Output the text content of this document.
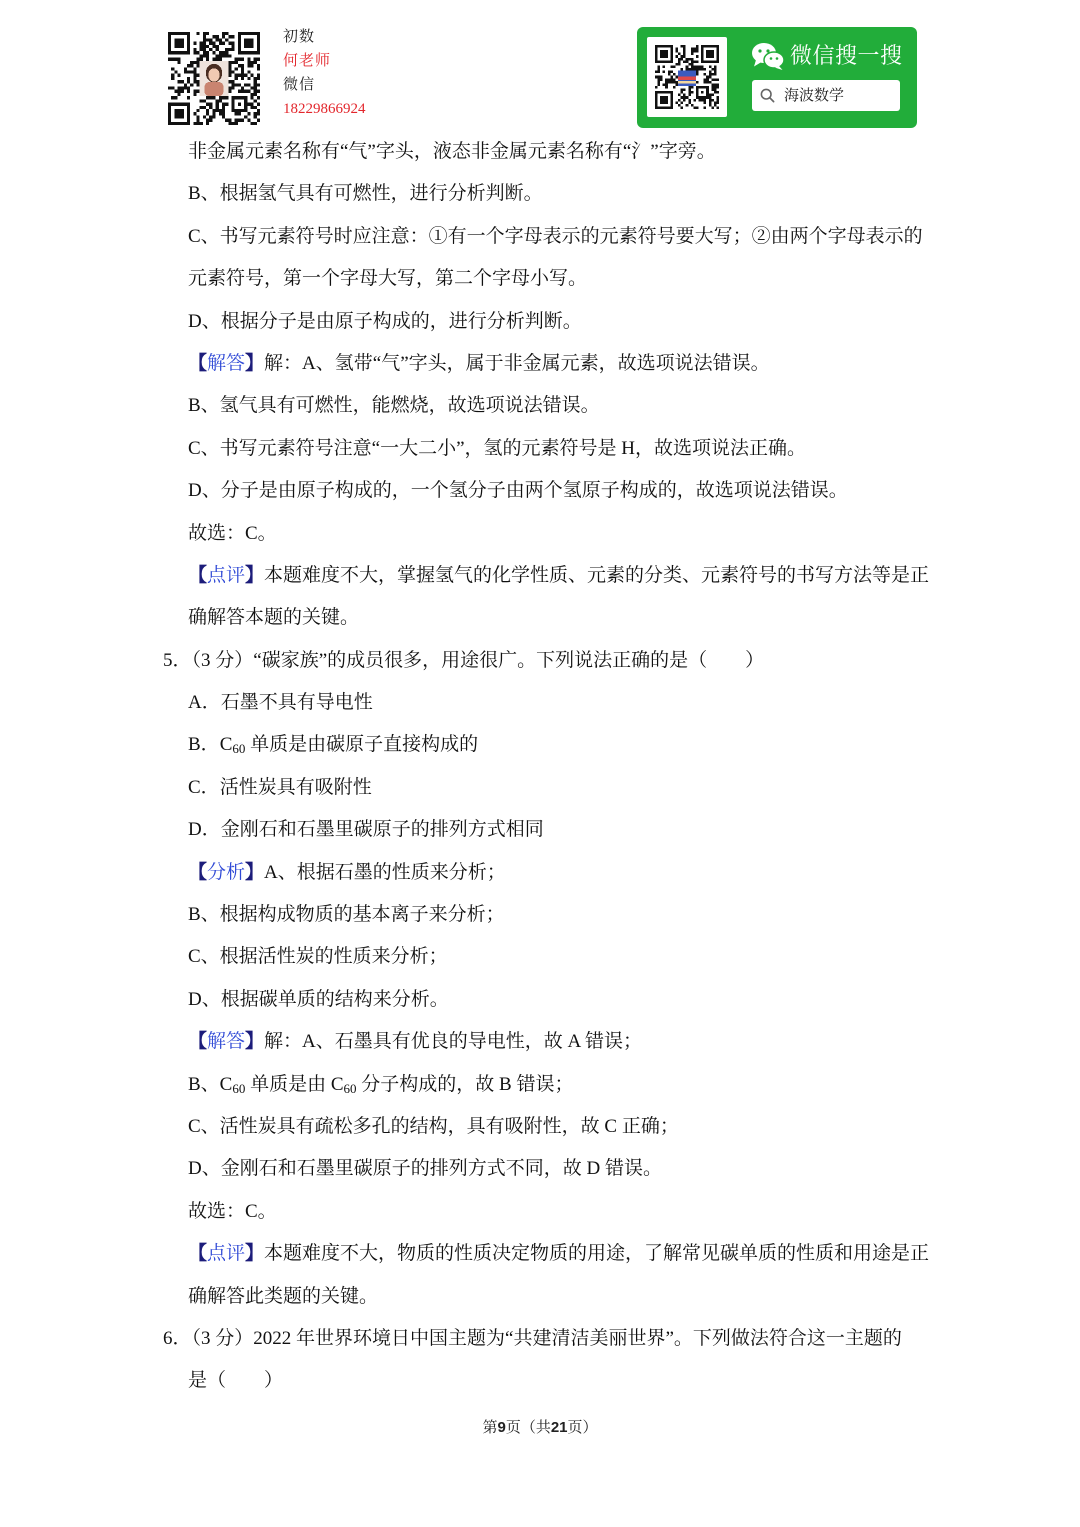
初数
何老师
微信
18229866924
微信搜一搜
海波数学
非金属元素名称有“气”字头，液态非金属元素名称有“氵”字旁。
B、根据氢气具有可燃性，进行分析判断。
C、书写元素符号时应注意：①有一个字母表示的元素符号要大写；②由两个字母表示的
元素符号，第一个字母大写，第二个字母小写。
D、根据分子是由原子构成的，进行分析判断。
【解答】解：A、氢带“气”字头，属于非金属元素，故选项说法错误。
B、氢气具有可燃性，能燃烧，故选项说法错误。
C、书写元素符号注意“一大二小”，氢的元素符号是 H，故选项说法正确。
D、分子是由原子构成的，一个氢分子由两个氢原子构成的，故选项说法错误。
故选：C。
【点评】本题难度不大，掌握氢气的化学性质、元素的分类、元素符号的书写方法等是正
确解答本题的关键。
5．（3 分）“碳家族”的成员很多，用途很广。下列说法正确的是（　　）
A．石墨不具有导电性
B．$C_{60}$ 单质是由碳原子直接构成的
C．活性炭具有吸附性
D．金刚石和石墨里碳原子的排列方式相同
【分析】A、根据石墨的性质来分析；
B、根据构成物质的基本离子来分析；
C、根据活性炭的性质来分析；
D、根据碳单质的结构来分析。
【解答】解：A、石墨具有优良的导电性，故 A 错误；
B、$C_{60}$ 单质是由 $C_{60}$ 分子构成的，故 B 错误；
C、活性炭具有疏松多孔的结构，具有吸附性，故 C 正确；
D、金刚石和石墨里碳原子的排列方式不同，故 D 错误。
故选：C。
【点评】本题难度不大，物质的性质决定物质的用途，了解常见碳单质的性质和用途是正
确解答此类题的关键。
6．（3 分）2022 年世界环境日中国主题为“共建清洁美丽世界”。下列做法符合这一主题的
是（　　）
第9页（共21页）
